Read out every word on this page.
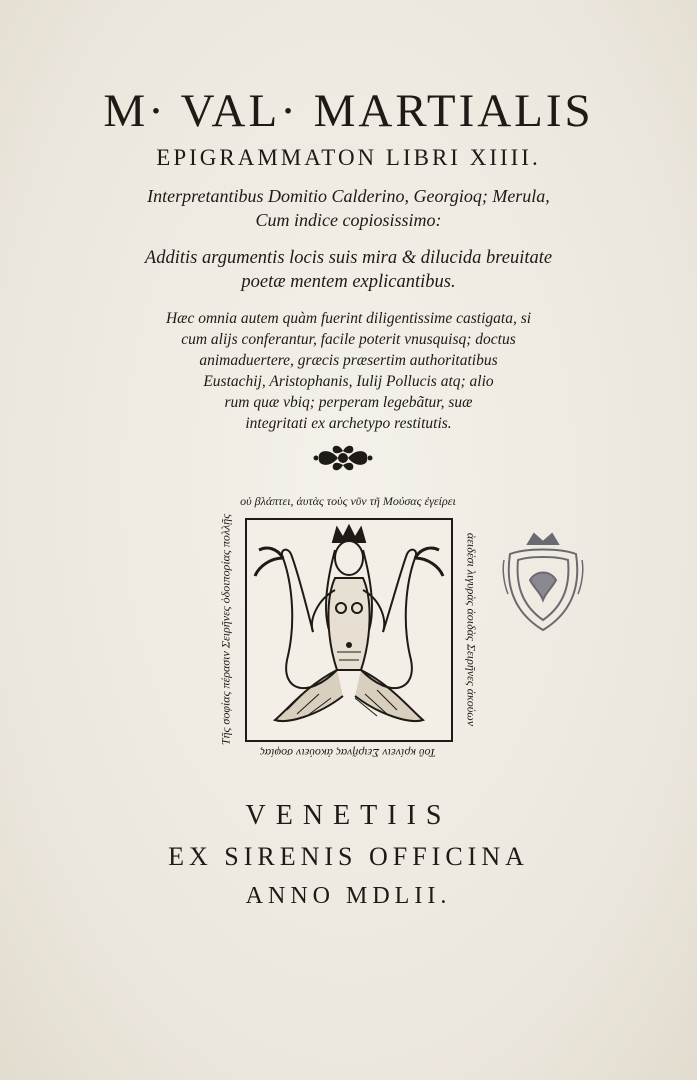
M· VAL· MARTIALIS
EPIGRAMMATON LIBRI XIIII.
Interpretantibus Domitio Calderino, Georgioq; Merula,
Cum indice copiosissimo:
Additis argumentis locis suis mira & dilucida breuitate
poetæ mentem explicantibus.
Hæc omnia autem quàm fuerint diligentissime castigata, si
cum alijs conferantur, facile poterit vnusquisq; doctus
animaduertere, græcis præsertim authoritatibus
Eustachij, Aristophanis, Iulij Pollucis atq; alio
rum quæ vbiq; perperam legebãtur, suæ
integritati ex archetypo restitutis.
οὐ βλάπτει, ἀυτὰς τοὺς νῦν τῆ Μούσας ἐγείρει
Τῆς σοφίας πέρασιν Σειρῆνες ὁδοιπορίας πολλῇς	ἀειδέσι λιγυρὰς ἀοιδὰς Σειρῆνες ἀκούων
Τοῦ κρίνειν Σειρῆνας ἀκούειν σοφίας
VENETIIS
EX SIRENIS OFFICINA
ANNO MDLII.
